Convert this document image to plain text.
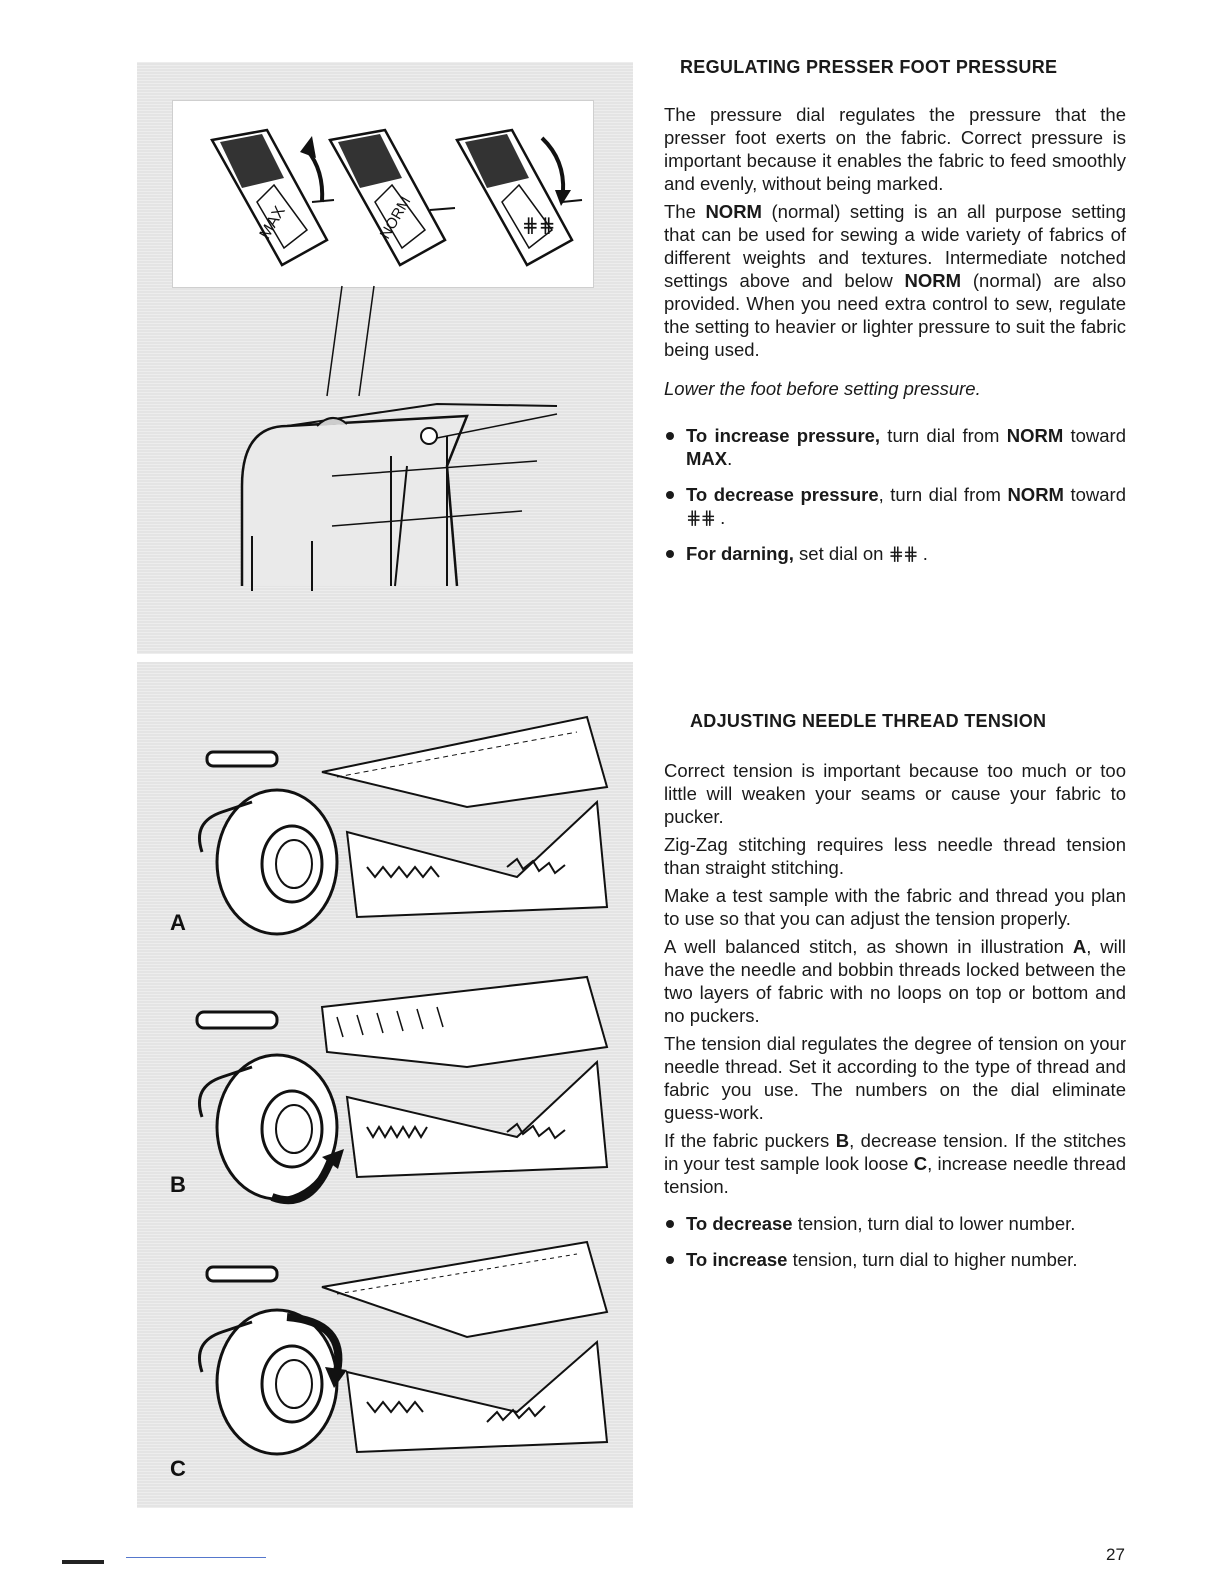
MAX	NORM	⋕⋕
A
B
C
REGULATING PRESSER FOOT PRESSURE

The pressure dial regulates the pressure that the presser foot exerts on the fabric. Correct pressure is important because it enables the fabric to feed smoothly and evenly, without being marked.

The NORM (normal) setting is an all purpose setting that can be used for sewing a wide variety of fabrics of different weights and textures. Intermediate notched settings above and below NORM (normal) are also provided. When you need extra control to sew, regulate the setting to heavier or lighter pressure to suit the fabric being used.

Lower the foot before setting pressure.

To increase pressure, turn dial from NORM toward MAX.
To decrease pressure, turn dial from NORM toward ⋕⋕ .
For darning, set dial on ⋕⋕ .
ADJUSTING NEEDLE THREAD TENSION

Correct tension is important because too much or too little will weaken your seams or cause your fabric to pucker.

Zig-Zag stitching requires less needle thread tension than straight stitching.

Make a test sample with the fabric and thread you plan to use so that you can adjust the tension properly.

A well balanced stitch, as shown in illustration A, will have the needle and bobbin threads locked between the two layers of fabric with no loops on top or bottom and no puckers.

The tension dial regulates the degree of tension on your needle thread. Set it according to the type of thread and fabric you use. The numbers on the dial eliminate guess-work.

If the fabric puckers B, decrease tension. If the stitches in your test sample look loose C, increase needle thread tension.

To decrease tension, turn dial to lower number.
To increase tension, turn dial to higher number.
27
